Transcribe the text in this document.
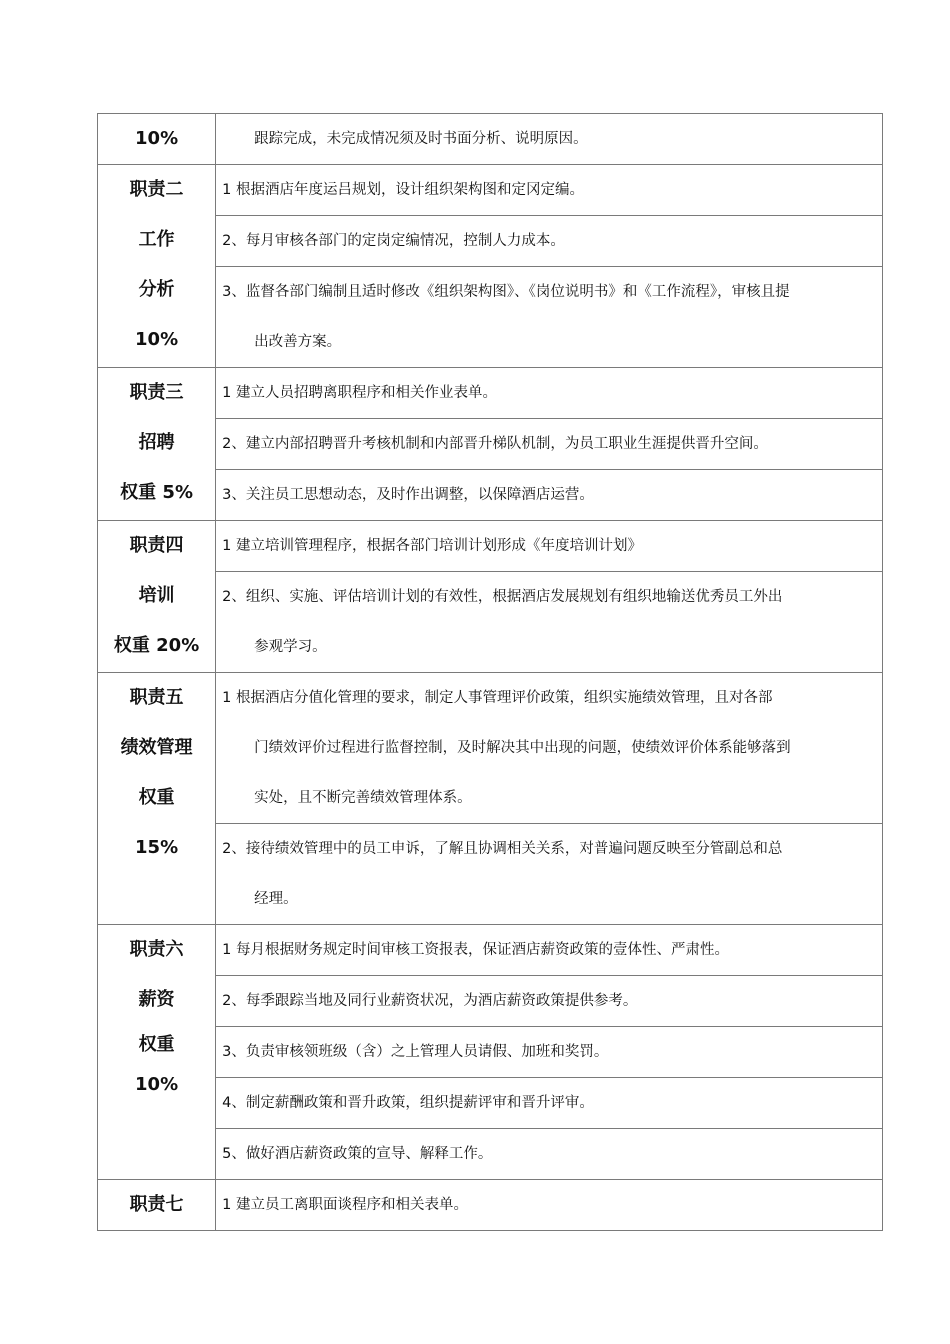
10%	跟踪完成，未完成情况须及时书面分析、说明原因。

职责二
工作
分析
10%	1 根据酒店年度运吕规划，设计组织架构图和定冈定编。

	2、每月审核各部门的定岗定编情况，控制人力成本。

	3、监督各部门编制且适时修改《组织架构图》、《岗位说明书》和《工作流程》，审核且提
出改善方案。

职责三
招聘
权重 5%	1 建立人员招聘离职程序和相关作业表单。

	2、建立内部招聘晋升考核机制和内部晋升梯队机制，为员工职业生涯提供晋升空间。

	3、关注员工思想动态，及时作出调整，以保障酒店运营。

职责四
培训
权重 20%	1 建立培训管理程序，根据各部门培训计划形成《年度培训计划》

	2、组织、实施、评估培训计划的有效性，根据酒店发展规划有组织地输送优秀员工外出
参观学习。

职责五
绩效管理
权重
15%	1 根据酒店分值化管理的要求，制定人事管理评价政策，组织实施绩效管理，且对各部
门绩效评价过程进行监督控制，及时解决其中出现的问题，使绩效评价体系能够落到
实处，且不断完善绩效管理体系。

	2、接待绩效管理中的员工申诉，了解且协调相关关系，对普遍问题反映至分管副总和总
经理。

职责六
薪资
权重
10%	1 每月根据财务规定时间审核工资报表，保证酒店薪资政策的壹体性、严肃性。

	2、每季跟踪当地及同行业薪资状况，为酒店薪资政策提供参考。

	3、负责审核领班级（含）之上管理人员请假、加班和奖罚。

	4、制定薪酬政策和晋升政策，组织提薪评审和晋升评审。

	5、做好酒店薪资政策的宣导、解释工作。

职责七	1 建立员工离职面谈程序和相关表单。
